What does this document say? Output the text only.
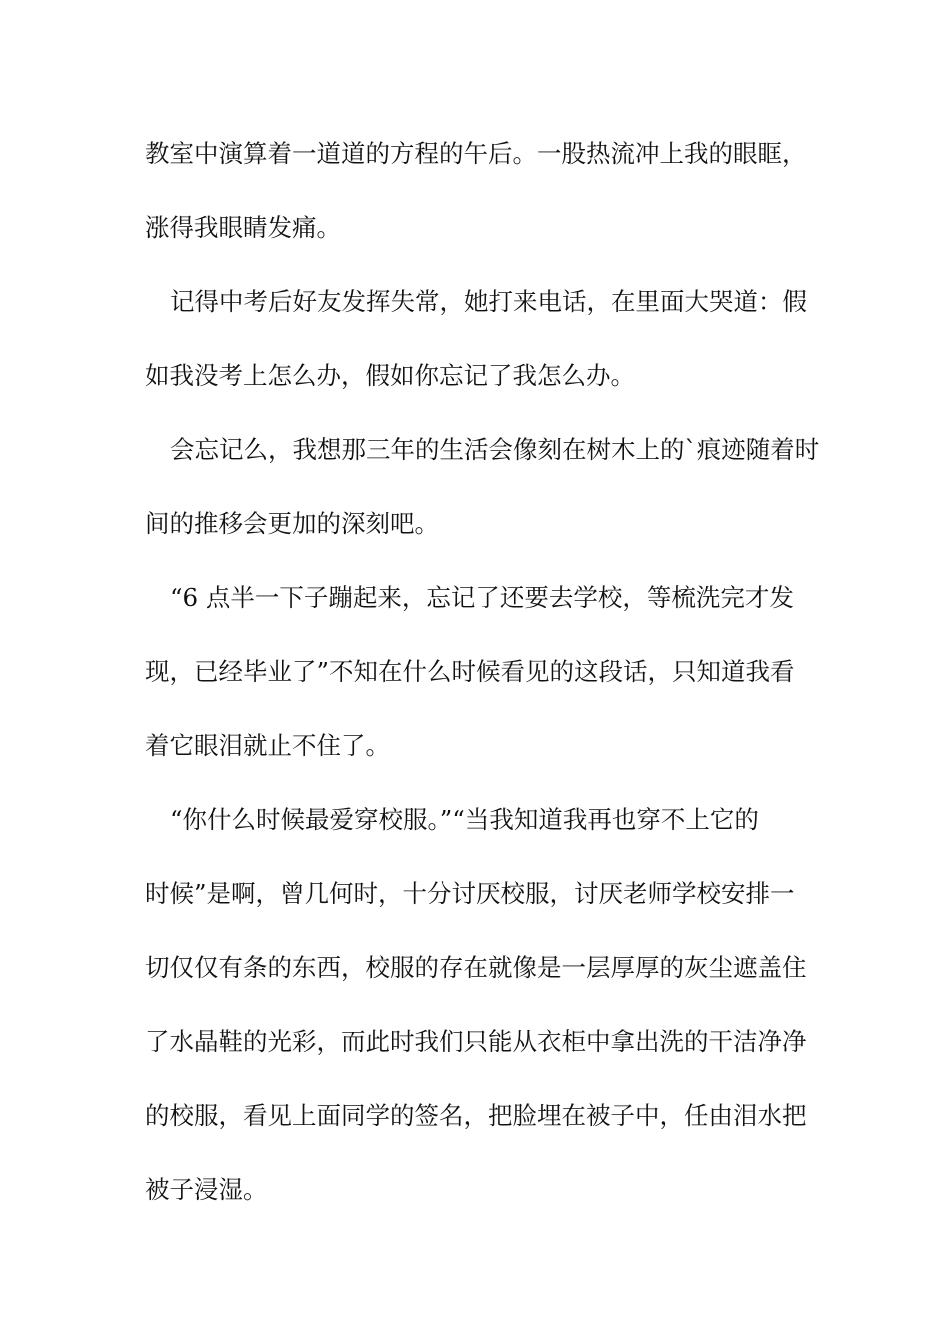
教室中演算着一道道的方程的午后。一股热流冲上我的眼眶，
涨得我眼睛发痛。
记得中考后好友发挥失常，她打来电话，在里面大哭道：假
如我没考上怎么办，假如你忘记了我怎么办。
会忘记么，我想那三年的生活会像刻在树木上的`痕迹随着时
间的推移会更加的深刻吧。
“6 点半一下子蹦起来，忘记了还要去学校，等梳洗完才发
现，已经毕业了”不知在什么时候看见的这段话，只知道我看
着它眼泪就止不住了。
“你什么时候最爱穿校服。”“当我知道我再也穿不上它的
时候”是啊，曾几何时，十分讨厌校服，讨厌老师学校安排一
切仅仅有条的东西，校服的存在就像是一层厚厚的灰尘遮盖住
了水晶鞋的光彩，而此时我们只能从衣柜中拿出洗的干洁净净
的校服，看见上面同学的签名，把脸埋在被子中，任由泪水把
被子浸湿。
